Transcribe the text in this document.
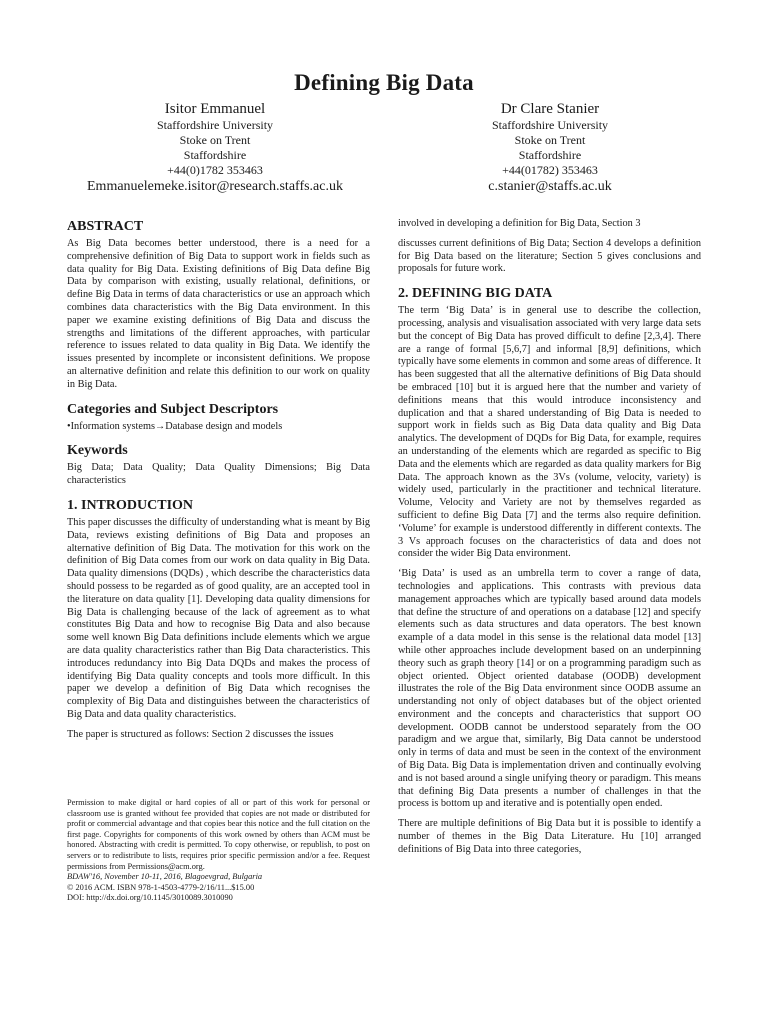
Defining Big Data
Isitor Emmanuel
Staffordshire University
Stoke on Trent
Staffordshire
+44(0)1782 353463
Emmanuelemeke.isitor@research.staffs.ac.uk
Dr Clare Stanier
Staffordshire University
Stoke on Trent
Staffordshire
+44(01782) 353463
c.stanier@staffs.ac.uk
ABSTRACT

As Big Data becomes better understood, there is a need for a comprehensive definition of Big Data to support work in fields such as data quality for Big Data. Existing definitions of Big Data define Big Data by comparison with existing, usually relational, definitions, or define Big Data in terms of data characteristics or use an approach which combines data characteristics with the Big Data environment. In this paper we examine existing definitions of Big Data and discuss the strengths and limitations of the different approaches, with particular reference to issues related to data quality in Big Data. We identify the issues presented by incomplete or inconsistent definitions. We propose an alternative definition and relate this definition to our work on quality in Big Data.

Categories and Subject Descriptors

•Information systems→Database design and models

Keywords

Big Data; Data Quality; Data Quality Dimensions; Big Data characteristics

1. INTRODUCTION

This paper discusses the difficulty of understanding what is meant by Big Data, reviews existing definitions of Big Data and proposes an alternative definition of Big Data. The motivation for this work on the definition of Big Data comes from our work on data quality in Big Data. Data quality dimensions (DQDs) , which describe the characteristics data should possess to be regarded as of good quality, are an accepted tool in the literature on data quality [1]. Developing data quality dimensions for Big Data is challenging because of the lack of agreement as to what constitutes Big Data and how to recognise Big Data and also because some well known Big Data definitions include elements which we argue are data quality characteristics rather than Big Data characteristics. This introduces redundancy into Big Data DQDs and makes the process of identifying Big Data quality concepts and tools more difficult. In this paper we develop a definition of Big Data which recognises the complexity of Big Data and distinguishes between the characteristics of Big Data and data quality characteristics.

The paper is structured as follows: Section 2 discusses the issues

Permission to make digital or hard copies of all or part of this work for personal or classroom use is granted without fee provided that copies are not made or distributed for profit or commercial advantage and that copies bear this notice and the full citation on the first page. Copyrights for components of this work owned by others than ACM must be honored. Abstracting with credit is permitted. To copy otherwise, or republish, to post on servers or to redistribute to lists, requires prior specific permission and/or a fee. Request permissions from Permissions@acm.org.
BDAW'16, November 10-11, 2016, Blagoevgrad, Bulgaria
© 2016 ACM. ISBN 978-1-4503-4779-2/16/11...$15.00
DOI: http://dx.doi.org/10.1145/3010089.3010090

involved in developing a definition for Big Data, Section 3

discusses current definitions of Big Data; Section 4 develops a definition for Big Data based on the literature; Section 5 gives conclusions and proposals for future work.

2. DEFINING BIG DATA

The term ‘Big Data’ is in general use to describe the collection, processing, analysis and visualisation associated with very large data sets but the concept of Big Data has proved difficult to define [2,3,4]. There are a range of formal [5,6,7] and informal [8,9] definitions, which typically have some elements in common and some areas of difference. It has been suggested that all the alternative definitions of Big Data should be embraced [10] but it is argued here that the number and variety of definitions means that this would introduce inconsistency and duplication and that a shared understanding of Big Data is needed to support work in fields such as Big Data data quality and Big Data analytics. The development of DQDs for Big Data, for example, requires an understanding of the elements which are regarded as specific to Big Data and the elements which are regarded as data quality markers for Big Data. The approach known as the 3Vs (volume, velocity, variety) is widely used, particularly in the practitioner and technical literature. Volume, Velocity and Variety are not by themselves regarded as sufficient to define Big Data [7] and the terms also require definition. ‘Volume’ for example is understood differently in different contexts. The 3 Vs approach focuses on the characteristics of data and does not consider the wider Big Data environment.

‘Big Data’ is used as an umbrella term to cover a range of data, technologies and applications. This contrasts with previous data management approaches which are typically based around data models that define the structure of and operations on a database [12] and specify elements such as data structures and data operators. The best known example of a data model in this sense is the relational data model [13] while other approaches include development based on an underpinning theory such as graph theory [14] or on a programming paradigm such as object oriented. Object oriented database (OODB) development illustrates the role of the Big Data environment since OODB assume an understanding not only of object databases but of the object oriented environment and the concepts and characteristics that support OO development. OODB cannot be understood separately from the OO paradigm and we argue that, similarly, Big Data cannot be understood only in terms of data and must be seen in the context of the environment of Big Data. Big Data is implementation driven and continually evolving and is not based around a single unifying theory or paradigm. This means that defining Big Data presents a number of challenges in that the process is bottom up and iterative and is potentially open ended.

There are multiple definitions of Big Data but it is possible to identify a number of themes in the Big Data Literature. Hu [10] arranged definitions of Big Data into three categories,
